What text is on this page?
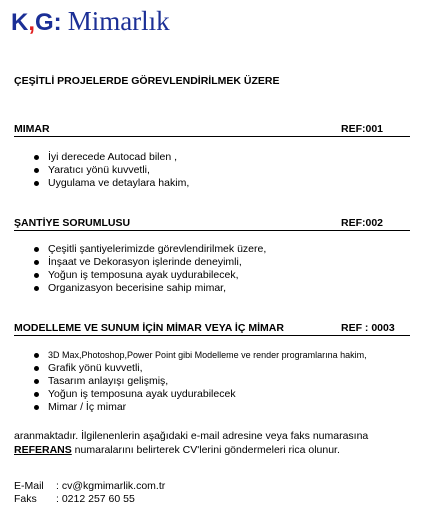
K,G: Mimarlık
ÇEŞİTLİ PROJELERDE GÖREVLENDİRİLMEK ÜZERE
MIMAR	REF:001
İyi derecede Autocad bilen ,
Yaratıcı yönü kuvvetli,
Uygulama ve detaylara hakim,
ŞANTİYE SORUMLUSU	REF:002
Çeşitli şantiyelerimizde görevlendirilmek üzere,
İnşaat ve Dekorasyon işlerinde deneyimli,
Yoğun iş temposuna ayak uydurabilecek,
Organizasyon becerisine sahip mimar,
MODELLEME VE SUNUM İÇİN MİMAR VEYA İÇ MİMAR	REF : 0003
3D Max,Photoshop,Power Point gibi Modelleme ve render programlarına hakim,
Grafik yönü kuvvetli,
Tasarım anlayışı gelişmiş,
Yoğun iş temposuna ayak uydurabilecek
Mimar / İç mimar
aranmaktadır. İlgilenenlerin aşağıdaki e-mail adresine veya faks numarasına
REFERANS numaralarını belirterek CV'lerini göndermeleri rica olunur.
E-Mail : cv@kgmimarlik.com.tr
Faks : 0212 257 60 55
